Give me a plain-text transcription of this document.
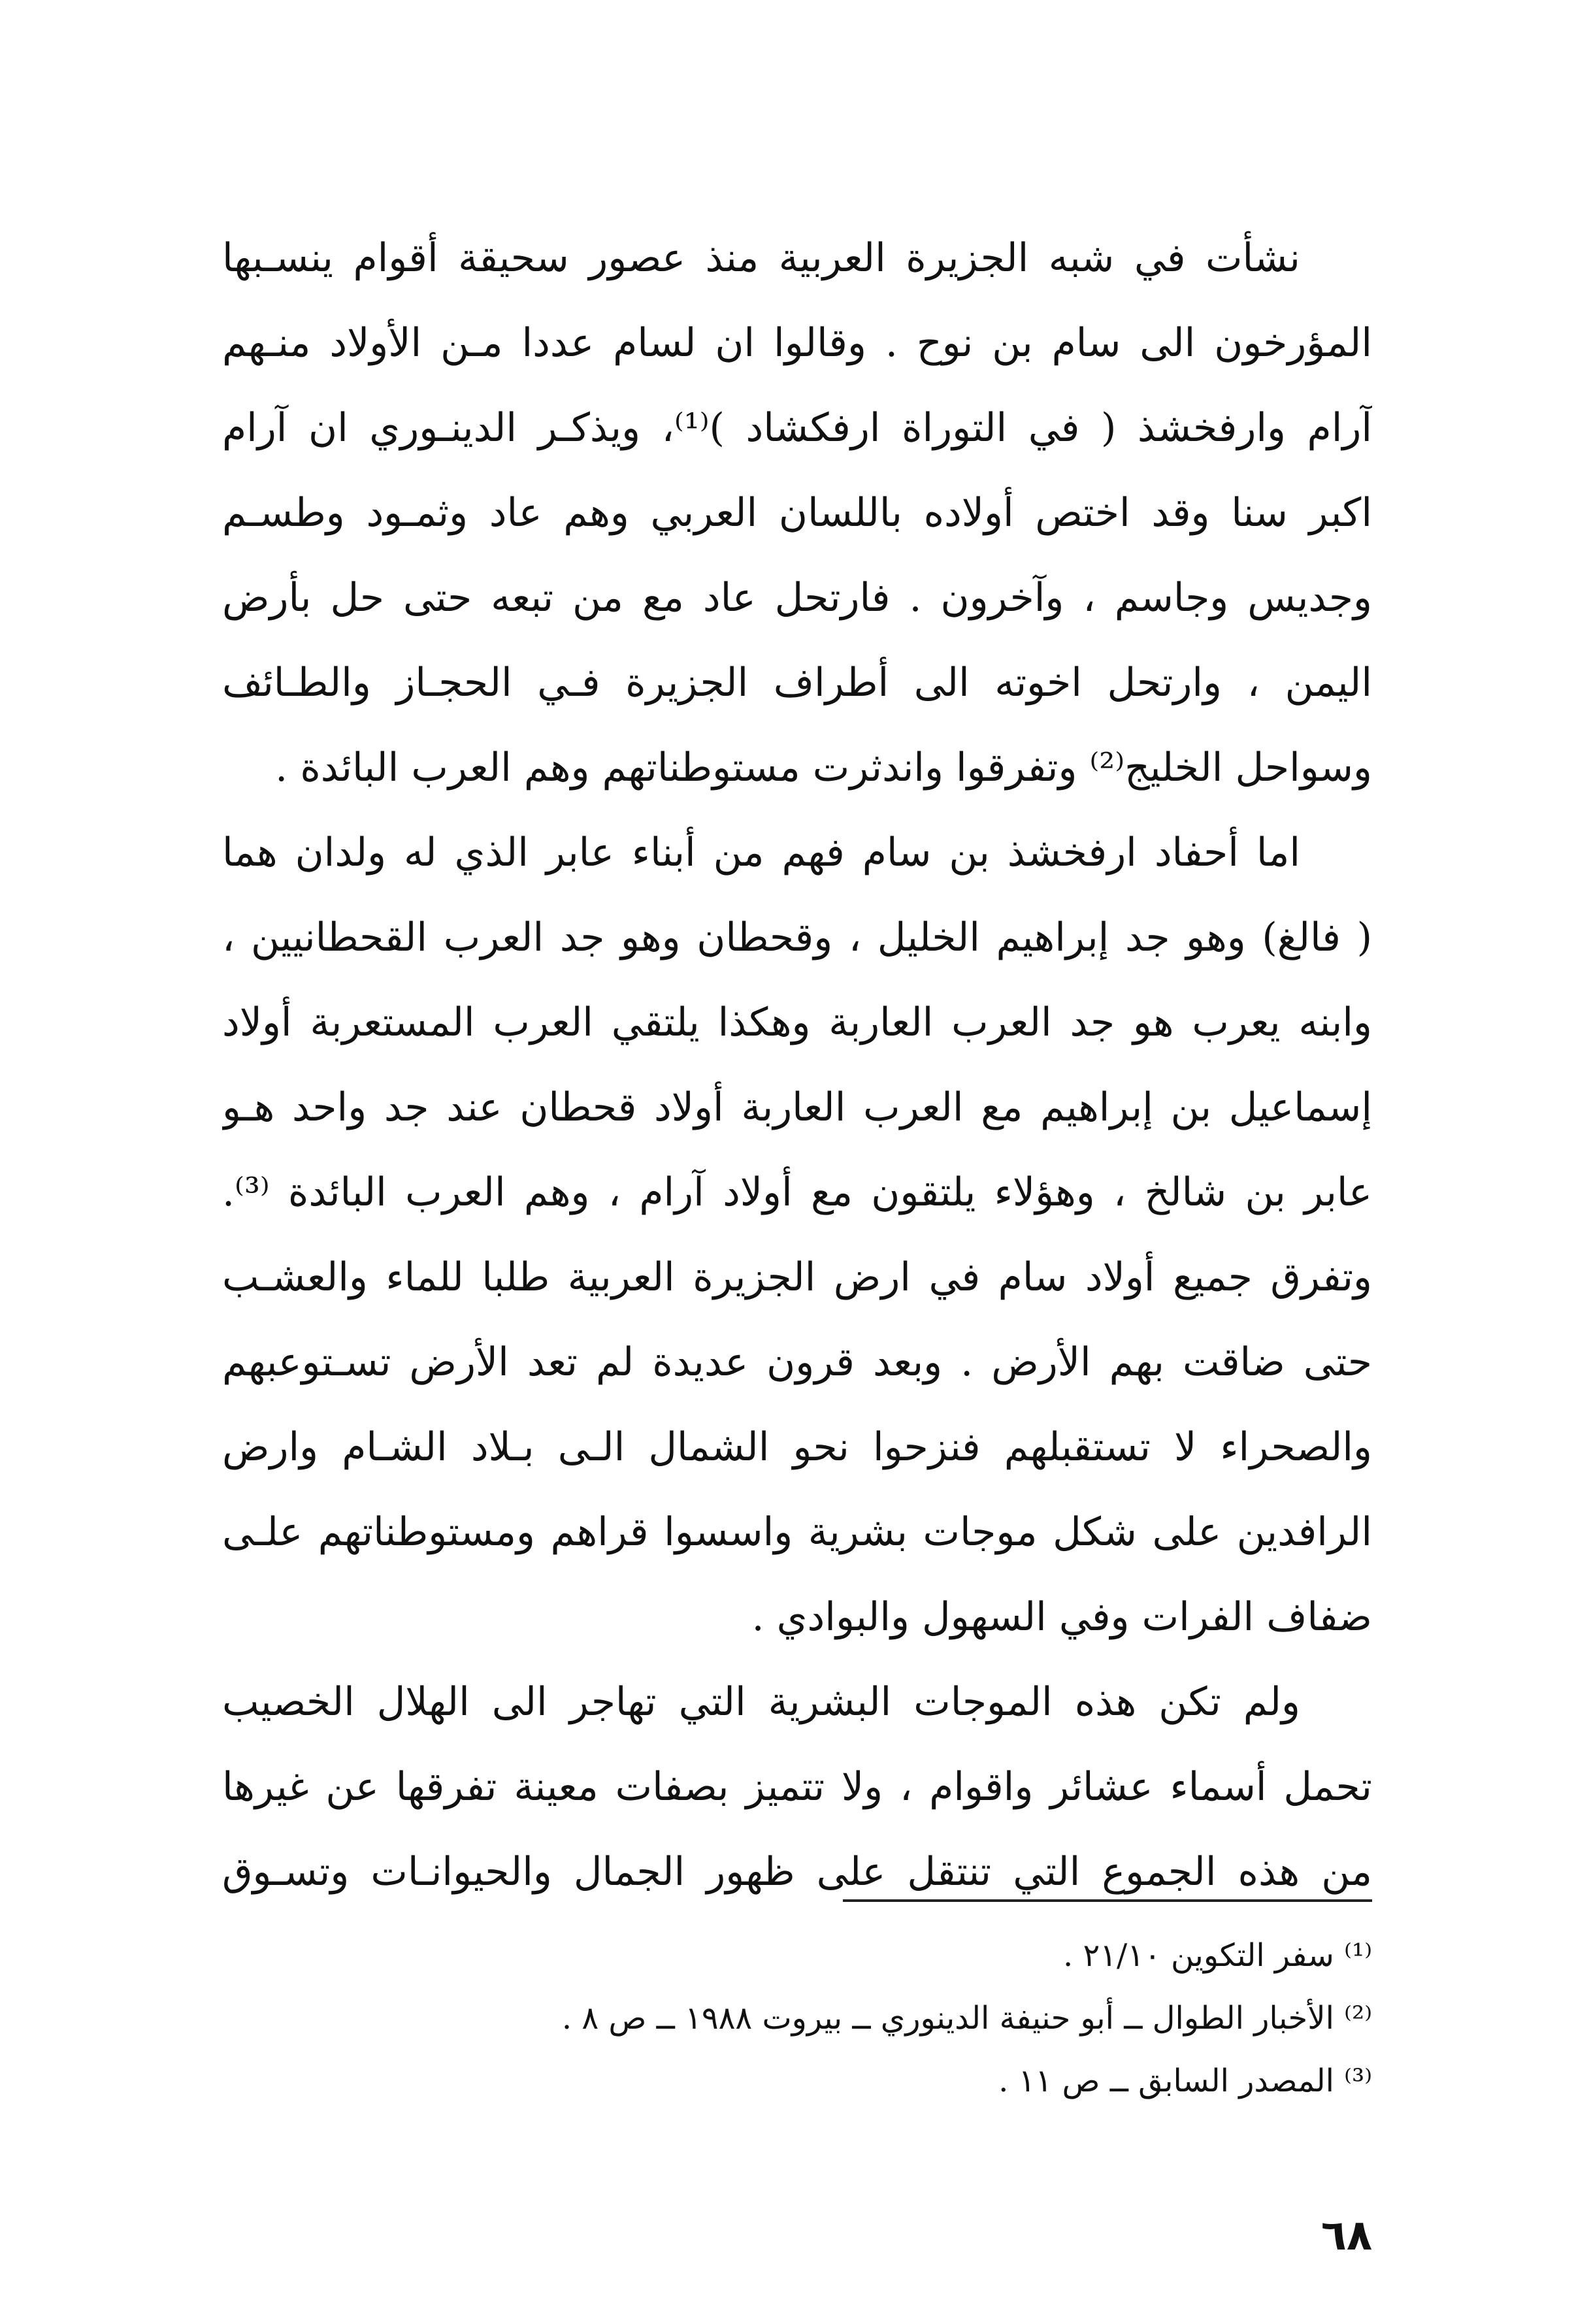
نشأت في شبه الجزيرة العربية منذ عصور سحيقة أقوام ينسـبها
المؤرخون الى سام بن نوح . وقالوا ان لسام عددا مـن الأولاد منـهم
آرام وارفخشذ ( في التوراة ارفكشاد )⁽¹⁾، ويذكـر الدينـوري ان آرام
اكبر سنا وقد اختص أولاده باللسان العربي وهم عاد وثمـود وطسـم
وجديس وجاسم ، وآخرون . فارتحل عاد مع من تبعه حتى حل بأرض
اليمن ، وارتحل اخوته الى أطراف الجزيرة فـي الحجـاز والطـائف
وسواحل الخليج⁽²⁾ وتفرقوا واندثرت مستوطناتهم وهم العرب البائدة .
اما أحفاد ارفخشذ بن سام فهم من أبناء عابر الذي له ولدان هما
( فالغ) وهو جد إبراهيم الخليل ، وقحطان وهو جد العرب القحطانيين ،
وابنه يعرب هو جد العرب العاربة وهكذا يلتقي العرب المستعربة أولاد
إسماعيل بن إبراهيم مع العرب العاربة أولاد قحطان عند جد واحد هـو
عابر بن شالخ ، وهؤلاء يلتقون مع أولاد آرام ، وهم العرب البائدة ⁽³⁾.
وتفرق جميع أولاد سام في ارض الجزيرة العربية طلبا للماء والعشـب
حتى ضاقت بهم الأرض . وبعد قرون عديدة لم تعد الأرض تسـتوعبهم
والصحراء لا تستقبلهم فنزحوا نحو الشمال الـى بـلاد الشـام وارض
الرافدين على شكل موجات بشرية واسسوا قراهم ومستوطناتهم علـى
ضفاف الفرات وفي السهول والبوادي .
ولم تكن هذه الموجات البشرية التي تهاجر الى الهلال الخصيب
تحمل أسماء عشائر واقوام ، ولا تتميز بصفات معينة تفرقها عن غيرها
من هذه الجموع التي تنتقل على ظهور الجمال والحيوانـات وتسـوق
⁽¹⁾ سفر التكوين ٢١/١٠ .
⁽²⁾ الأخبار الطوال ــ أبو حنيفة الدينوري ــ بيروت ١٩٨٨ ــ ص ٨ .
⁽³⁾ المصدر السابق ــ ص ١١ .
٦٨
